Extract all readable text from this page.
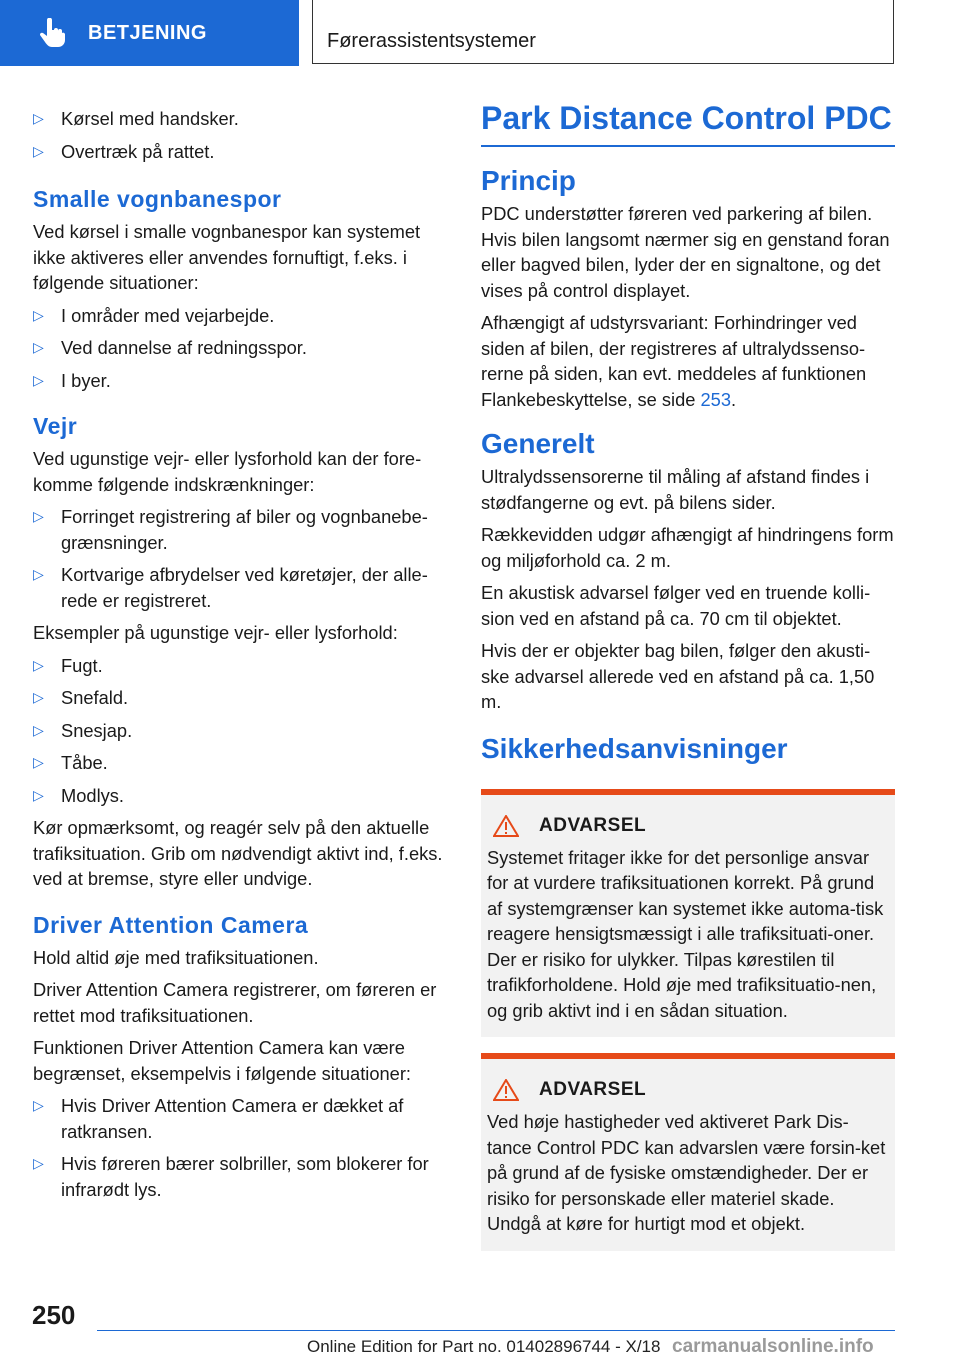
BETJENING	Førerassistentsystemer
▷ Kørsel med handsker.
▷ Overtræk på rattet.
Smalle vognbanespor

Ved kørsel i smalle vognbanespor kan systemet ikke aktiveres eller anvendes fornuftigt, f.eks. i følgende situationer:

▷ I områder med vejarbejde.
▷ Ved dannelse af redningsspor.
▷ I byer.
Vejr

Ved ugunstige vejr- eller lysforhold kan der fore-komme følgende indskrænkninger:

▷ Forringet registrering af biler og vognbanebe-grænsninger.
▷ Kortvarige afbrydelser ved køretøjer, der alle-rede er registreret.

Eksempler på ugunstige vejr- eller lysforhold:

▷ Fugt.
▷ Snefald.
▷ Snesjap.
▷ Tåbe.
▷ Modlys.

Kør opmærksomt, og reagér selv på den aktuelle trafiksituation. Grib om nødvendigt aktivt ind, f.eks. ved at bremse, styre eller undvige.

Driver Attention Camera

Hold altid øje med trafiksituationen.

Driver Attention Camera registrerer, om føreren er rettet mod trafiksituationen.

Funktionen Driver Attention Camera kan være begrænset, eksempelvis i følgende situationer:

▷ Hvis Driver Attention Camera er dækket af ratkransen.
▷ Hvis føreren bærer solbriller, som blokerer for infrarødt lys.
Park Distance Control PDC
Princip

PDC understøtter føreren ved parkering af bilen. Hvis bilen langsomt nærmer sig en genstand foran eller bagved bilen, lyder der en signaltone, og det vises på control displayet.

Afhængigt af udstyrsvariant: Forhindringer ved siden af bilen, der registreres af ultralydssenso-rerne på siden, kan evt. meddeles af funktionen Flankebeskyttelse, se side 253.

Generelt

Ultralydssensorerne til måling af afstand findes i stødfangerne og evt. på bilens sider.

Rækkevidden udgør afhængigt af hindringens form og miljøforhold ca. 2 m.

En akustisk advarsel følger ved en truende kolli-sion ved en afstand på ca. 70 cm til objektet.

Hvis der er objekter bag bilen, følger den akusti-ske advarsel allerede ved en afstand på ca. 1,50 m.

Sikkerhedsanvisninger
ADVARSEL

Systemet fritager ikke for det personlige ansvar for at vurdere trafiksituationen korrekt. På grund af systemgrænser kan systemet ikke automa-tisk reagere hensigtsmæssigt i alle trafiksituati-oner. Der er risiko for ulykker. Tilpas kørestilen til trafikforholdene. Hold øje med trafiksituatio-nen, og grib aktivt ind i en sådan situation.

ADVARSEL

Ved høje hastigheder ved aktiveret Park Dis-tance Control PDC kan advarslen være forsin-ket på grund af de fysiske omstændigheder. Der er risiko for personskade eller materiel skade. Undgå at køre for hurtigt mod et objekt.

250
Online Edition for Part no. 01402896744 - X/18 carmanualsonline.info
